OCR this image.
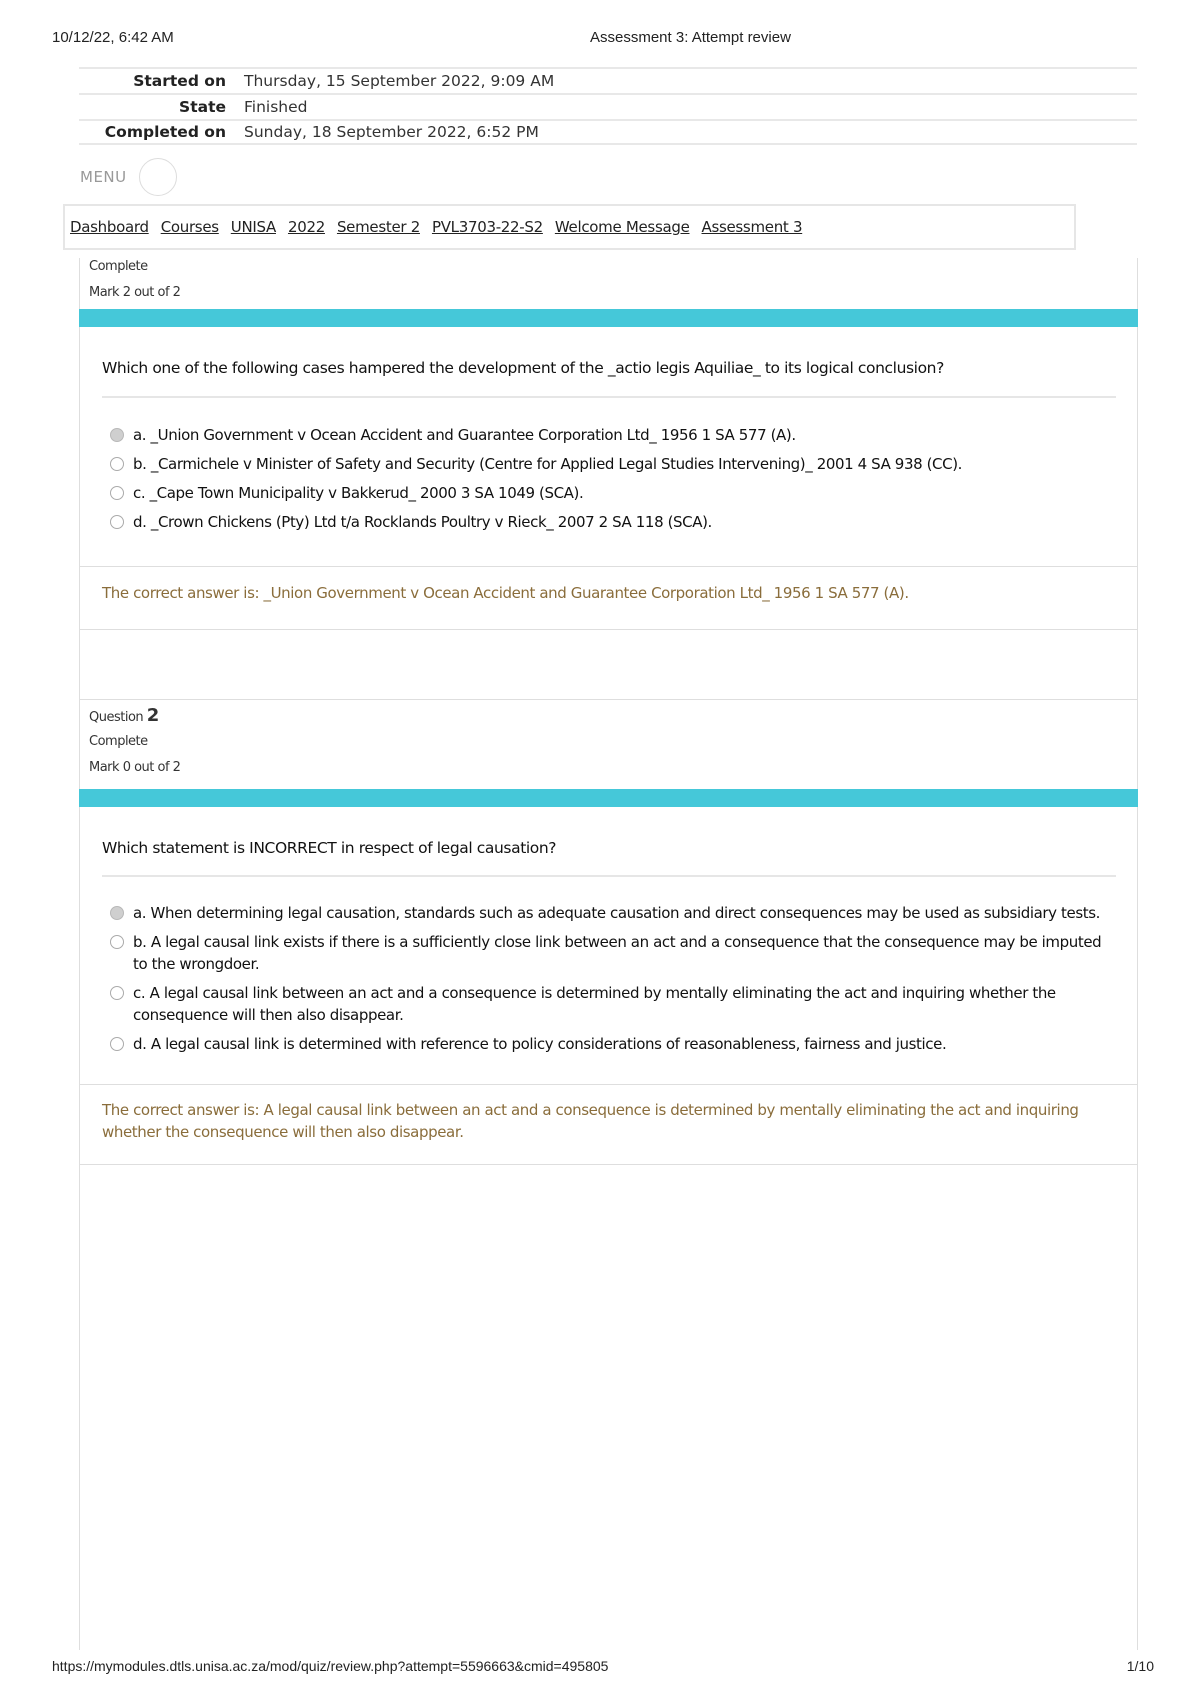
10/12/22, 6:42 AM	Assessment 3: Attempt review
Started on	Thursday, 15 September 2022, 9:09 AM
State	Finished
Completed on	Sunday, 18 September 2022, 6:52 PM
MENU
Dashboard Courses UNISA 2022 Semester 2 PVL3703-22-S2 Welcome Message Assessment 3
Complete
Mark 2 out of 2
Which one of the following cases hampered the development of the _actio legis Aquiliae_ to its logical conclusion?
a. _Union Government v Ocean Accident and Guarantee Corporation Ltd_ 1956 1 SA 577 (A).
b. _Carmichele v Minister of Safety and Security (Centre for Applied Legal Studies Intervening)_ 2001 4 SA 938 (CC).
c. _Cape Town Municipality v Bakkerud_ 2000 3 SA 1049 (SCA).
d. _Crown Chickens (Pty) Ltd t/a Rocklands Poultry v Rieck_ 2007 2 SA 118 (SCA).
The correct answer is: _Union Government v Ocean Accident and Guarantee Corporation Ltd_ 1956 1 SA 577 (A).
Question 2
Complete
Mark 0 out of 2
Which statement is INCORRECT in respect of legal causation?
a. When determining legal causation, standards such as adequate causation and direct consequences may be used as subsidiary tests.
b. A legal causal link exists if there is a sufficiently close link between an act and a consequence that the consequence may be imputed to the wrongdoer.
c. A legal causal link between an act and a consequence is determined by mentally eliminating the act and inquiring whether the consequence will then also disappear.
d. A legal causal link is determined with reference to policy considerations of reasonableness, fairness and justice.
The correct answer is: A legal causal link between an act and a consequence is determined by mentally eliminating the act and inquiring whether the consequence will then also disappear.
https://mymodules.dtls.unisa.ac.za/mod/quiz/review.php?attempt=5596663&cmid=495805	1/10
